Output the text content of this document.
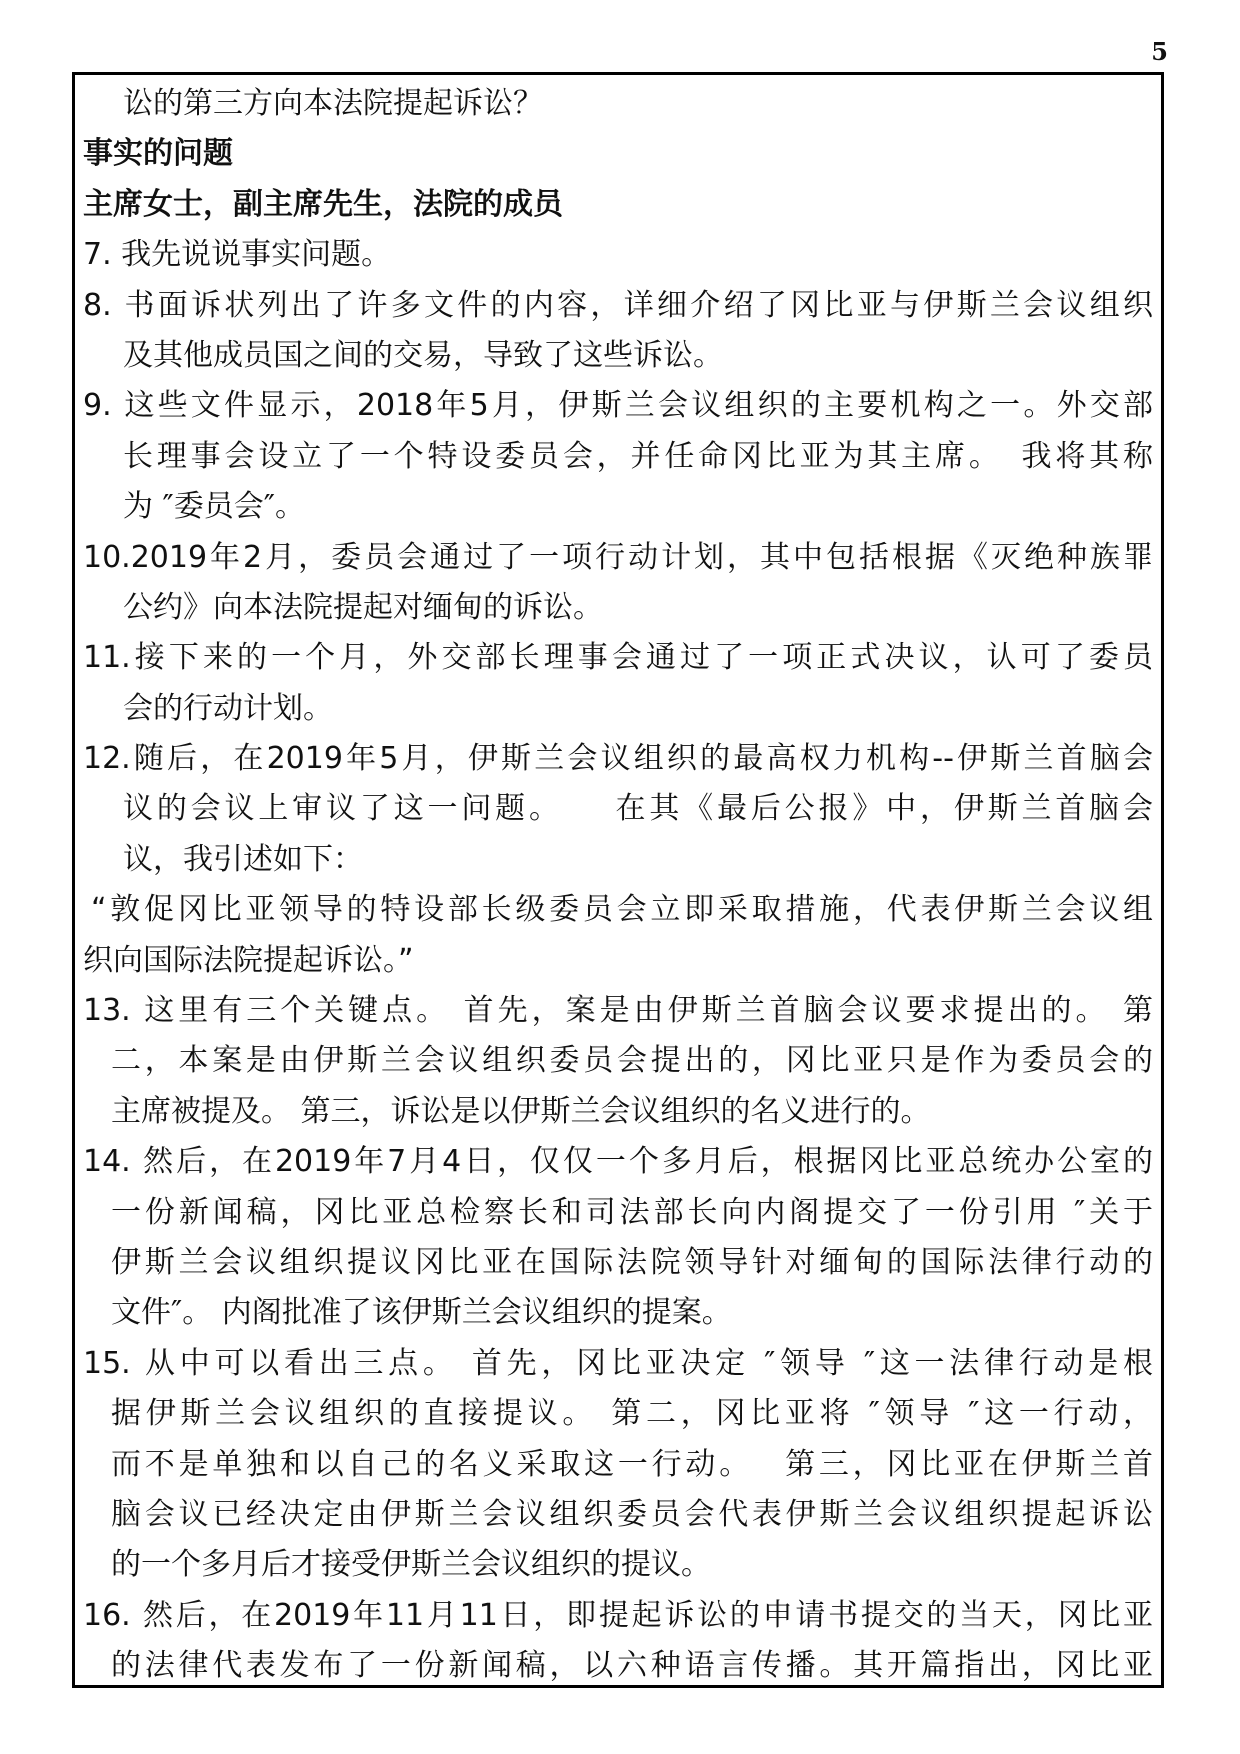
5
讼的第三方向本法院提起诉讼？
事实的问题
主席女士，副主席先生，法院的成员
7. 我先说说事实问题。
8. 书面诉状列出了许多文件的内容，详细介绍了冈比亚与伊斯兰会议组织
及其他成员国之间的交易，导致了这些诉讼。
9. 这些文件显示，2018年5月，伊斯兰会议组织的主要机构之一。外交部
长理事会设立了一个特设委员会，并任命冈比亚为其主席。　我将其称
为 ″委员会″。
10.2019年2月，委员会通过了一项行动计划，其中包括根据《灭绝种族罪
公约》向本法院提起对缅甸的诉讼。
11.接下来的一个月，外交部长理事会通过了一项正式决议，认可了委员
会的行动计划。
12.随后，在2019年5月，伊斯兰会议组织的最高权力机构--伊斯兰首脑会
议的会议上审议了这一问题。　　在其《最后公报》中，伊斯兰首脑会
议，我引述如下：
“敦促冈比亚领导的特设部长级委员会立即采取措施，代表伊斯兰会议组
织向国际法院提起诉讼。”
13. 这里有三个关键点。 首先，案是由伊斯兰首脑会议要求提出的。 第
二，本案是由伊斯兰会议组织委员会提出的，冈比亚只是作为委员会的
主席被提及。 第三，诉讼是以伊斯兰会议组织的名义进行的。
14. 然后，在2019年7月4日，仅仅一个多月后，根据冈比亚总统办公室的
一份新闻稿，冈比亚总检察长和司法部长向内阁提交了一份引用 ″关于
伊斯兰会议组织提议冈比亚在国际法院领导针对缅甸的国际法律行动的
文件″。 内阁批准了该伊斯兰会议组织的提案。
15. 从中可以看出三点。 首先，冈比亚决定 ″领导 ″这一法律行动是根
据伊斯兰会议组织的直接提议。 第二，冈比亚将 ″领导 ″这一行动，
而不是单独和以自己的名义采取这一行动。　 第三，冈比亚在伊斯兰首
脑会议已经决定由伊斯兰会议组织委员会代表伊斯兰会议组织提起诉讼
的一个多月后才接受伊斯兰会议组织的提议。
16. 然后，在2019年11月11日，即提起诉讼的申请书提交的当天，冈比亚
的法律代表发布了一份新闻稿，以六种语言传播。其开篇指出，冈比亚
